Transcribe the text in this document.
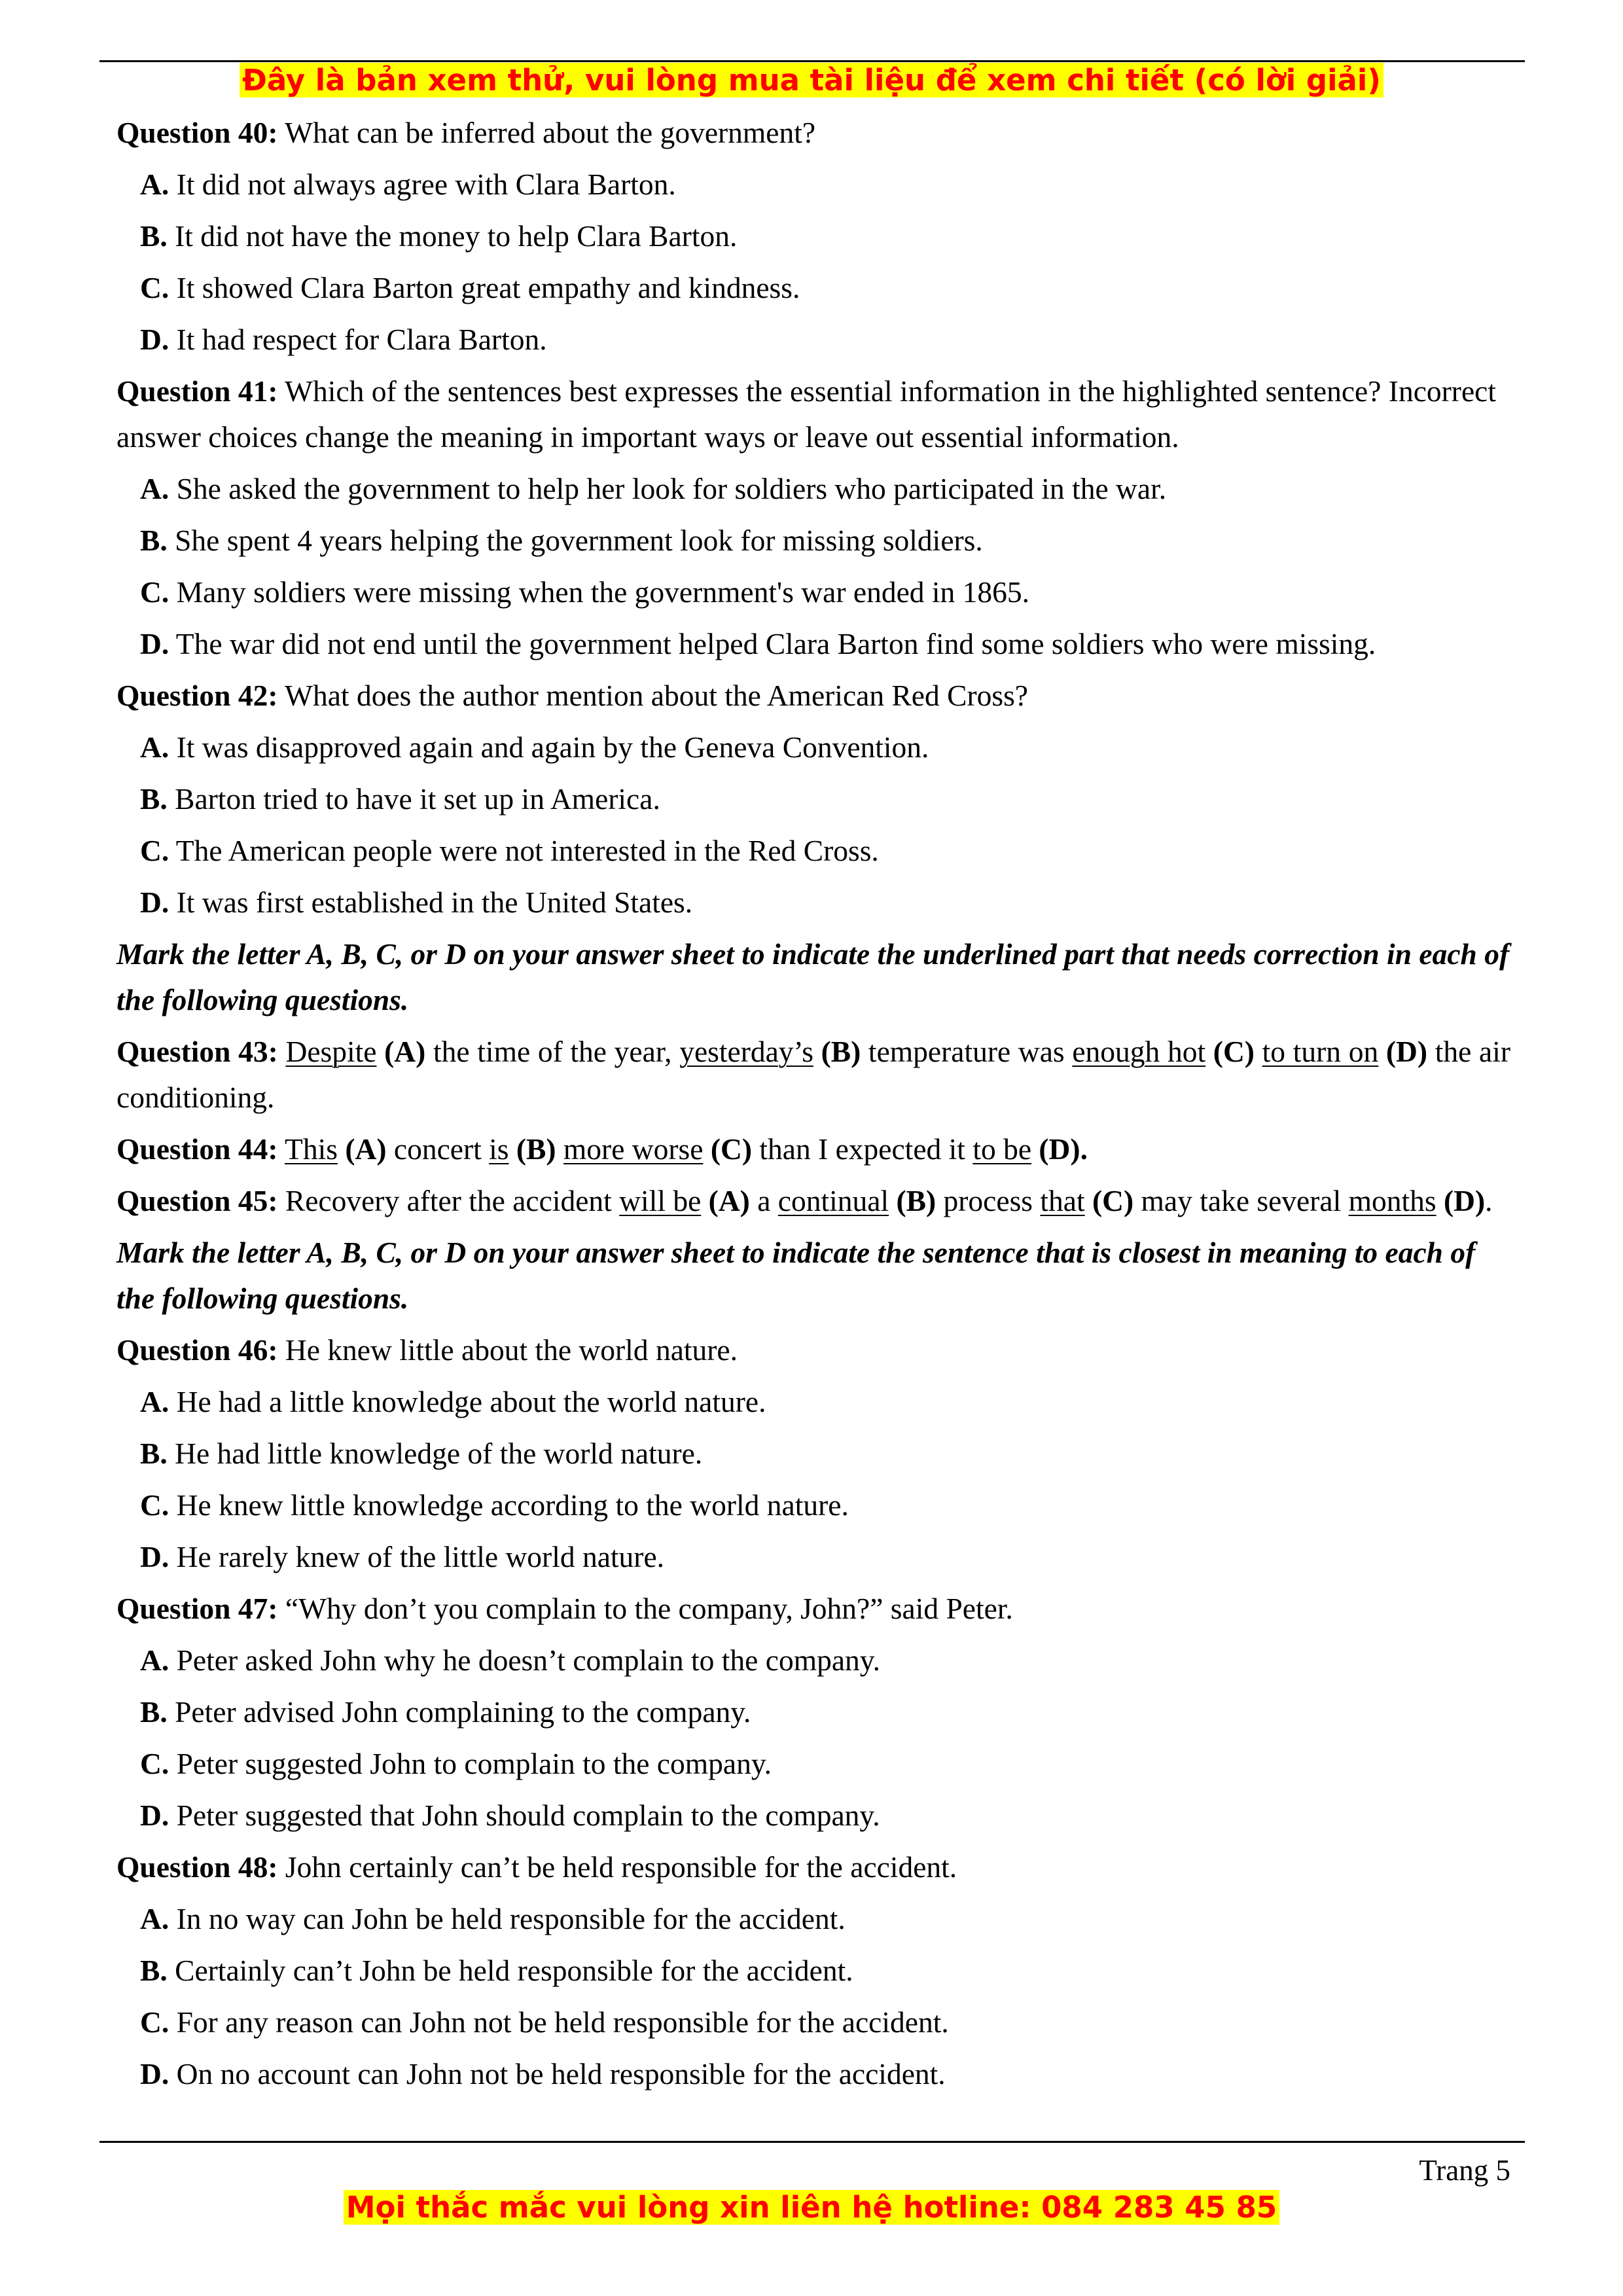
Đây là bản xem thử, vui lòng mua tài liệu để xem chi tiết (có lời giải)
Question 40: What can be inferred about the government?
A. It did not always agree with Clara Barton.
B. It did not have the money to help Clara Barton.
C. It showed Clara Barton great empathy and kindness.
D. It had respect for Clara Barton.
Question 41: Which of the sentences best expresses the essential information in the highlighted sentence? Incorrect answer choices change the meaning in important ways or leave out essential information.
A. She asked the government to help her look for soldiers who participated in the war.
B. She spent 4 years helping the government look for missing soldiers.
C. Many soldiers were missing when the government's war ended in 1865.
D. The war did not end until the government helped Clara Barton find some soldiers who were missing.
Question 42: What does the author mention about the American Red Cross?
A. It was disapproved again and again by the Geneva Convention.
B. Barton tried to have it set up in America.
C. The American people were not interested in the Red Cross.
D. It was first established in the United States.
Mark the letter A, B, C, or D on your answer sheet to indicate the underlined part that needs correction in each of the following questions.
Question 43: Despite (A) the time of the year, yesterday’s (B) temperature was enough hot (C) to turn on (D) the air conditioning.
Question 44: This (A) concert is (B) more worse (C) than I expected it to be (D).
Question 45: Recovery after the accident will be (A) a continual (B) process that (C) may take several months (D).
Mark the letter A, B, C, or D on your answer sheet to indicate the sentence that is closest in meaning to each of the following questions.
Question 46: He knew little about the world nature.
A. He had a little knowledge about the world nature.
B. He had little knowledge of the world nature.
C. He knew little knowledge according to the world nature.
D. He rarely knew of the little world nature.
Question 47: “Why don’t you complain to the company, John?” said Peter.
A. Peter asked John why he doesn’t complain to the company.
B. Peter advised John complaining to the company.
C. Peter suggested John to complain to the company.
D. Peter suggested that John should complain to the company.
Question 48: John certainly can’t be held responsible for the accident.
A. In no way can John be held responsible for the accident.
B. Certainly can’t John be held responsible for the accident.
C. For any reason can John not be held responsible for the accident.
D. On no account can John not be held responsible for the accident.
Trang 5
Mọi thắc mắc vui lòng xin liên hệ hotline: 084 283 45 85
